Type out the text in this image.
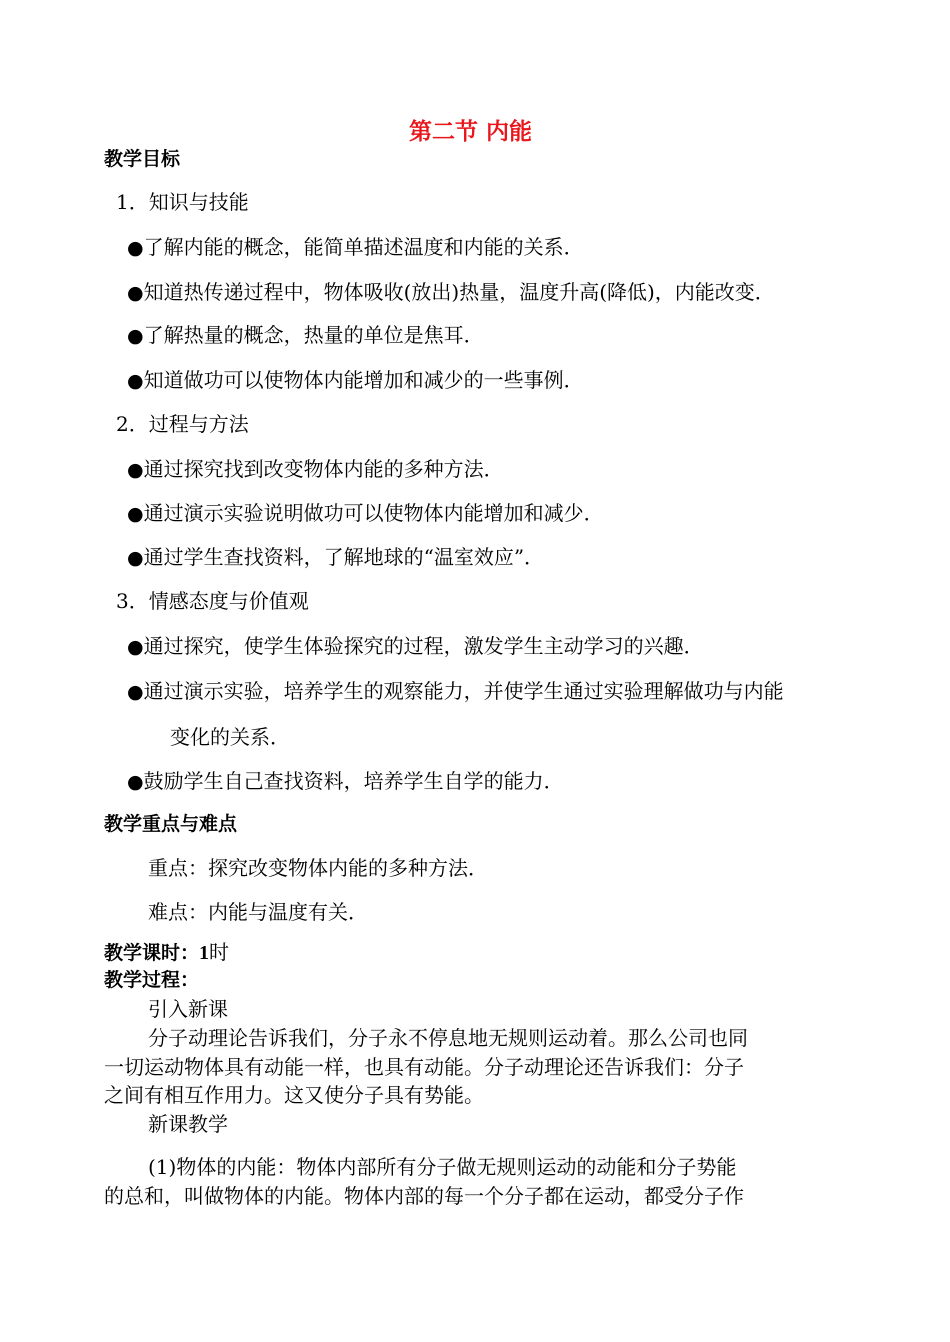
第二节 内能
教学目标
1．知识与技能
●了解内能的概念，能简单描述温度和内能的关系．
●知道热传递过程中，物体吸收(放出)热量，温度升高(降低)，内能改变．
●了解热量的概念，热量的单位是焦耳．
●知道做功可以使物体内能增加和减少的一些事例．
2．过程与方法
●通过探究找到改变物体内能的多种方法．
●通过演示实验说明做功可以使物体内能增加和减少．
●通过学生查找资料，了解地球的“温室效应”．
3．情感态度与价值观
●通过探究，使学生体验探究的过程，激发学生主动学习的兴趣．
●通过演示实验，培养学生的观察能力，并使学生通过实验理解做功与内能
变化的关系．
●鼓励学生自己查找资料，培养学生自学的能力．
教学重点与难点
重点：探究改变物体内能的多种方法．
难点：内能与温度有关．
教学课时：1时
教学过程：
引入新课
分子动理论告诉我们，分子永不停息地无规则运动着。那么公司也同
一切运动物体具有动能一样，也具有动能。分子动理论还告诉我们：分子
之间有相互作用力。这又使分子具有势能。
新课教学
(1)物体的内能：物体内部所有分子做无规则运动的动能和分子势能
的总和，叫做物体的内能。物体内部的每一个分子都在运动，都受分子作
